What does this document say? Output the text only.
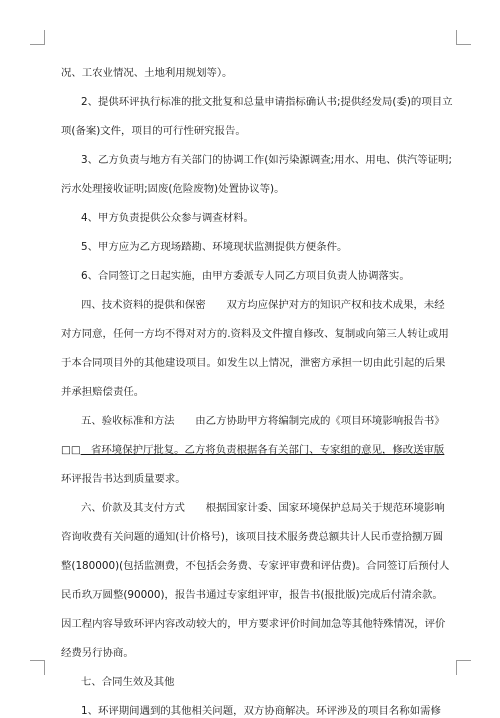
况、工农业情况、土地利用规划等）。
2、提供环评执行标准的批文批复和总量申请指标确认书;提供经发局(委)的项目立
项(备案)文件，项目的可行性研究报告。
3、乙方负责与地方有关部门的协调工作(如污染源调查;用水、用电、供汽等证明;
污水处理接收证明;固废(危险废物)处置协议等)。
4、甲方负责提供公众参与调查材料。
5、甲方应为乙方现场踏勘、环境现状监测提供方便条件。
6、合同签订之日起实施，由甲方委派专人同乙方项目负责人协调落实。
四、技术资料的提供和保密　　双方均应保护对方的知识产权和技术成果，未经
对方同意，任何一方均不得对对方的.资料及文件擅自修改、复制或向第三人转让或用
于本合同项目外的其他建设项目。如发生以上情况，泄密方承担一切由此引起的后果
并承担赔偿责任。
五、验收标准和方法　　由乙方协助甲方将编制完成的《项目环境影响报告书》
□□　省环境保护厅批复。乙方将负责根据各有关部门、专家组的意见，修改送审版
环评报告书达到质量要求。
六、价款及其支付方式　　根据国家计委、国家环境保护总局关于规范环境影响
咨询收费有关问题的通知(计价格号)，该项目技术服务费总额共计人民币壹拾捌万圆
整(180000)(包括监测费，不包括会务费、专家评审费和评估费)。合同签订后预付人
民币玖万圆整(90000)，报告书通过专家组评审，报告书(报批版)完成后付清余款。
因工程内容导致环评内容改动较大的，甲方要求评价时间加急等其他特殊情况，评价
经费另行协商。
七、合同生效及其他
1、环评期间遇到的其他相关问题，双方协商解决。环评涉及的项目名称如需修
